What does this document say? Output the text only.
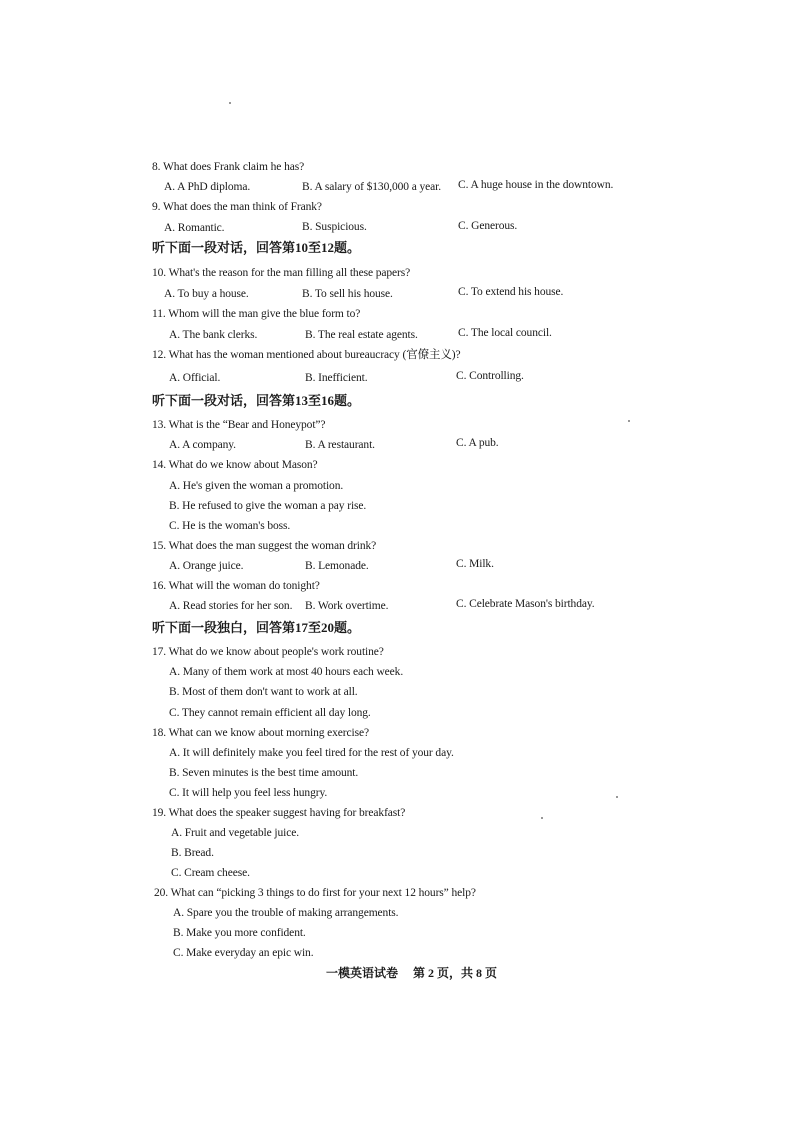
8. What does Frank claim he has?
A. A PhD diploma.	B. A salary of $130,000 a year. C. A huge house in the downtown.
9. What does the man think of Frank?
A. Romantic.	B. Suspicious.	C. Generous.
听下面一段对话，回答第10至12题。
10. What's the reason for the man filling all these papers?
A. To buy a house.	B. To sell his house.	C. To extend his house.
11. Whom will the man give the blue form to?
A. The bank clerks.	B. The real estate agents.	C. The local council.
12. What has the woman mentioned about bureaucracy (官僚主义)?
A. Official.	B. Inefficient.	C. Controlling.
听下面一段对话，回答第13至16题。
13. What is the “Bear and Honeypot”?
A. A company.	B. A restaurant.	C. A pub.
14. What do we know about Mason?
A. He's given the woman a promotion.
B. He refused to give the woman a pay rise.
C. He is the woman's boss.
15. What does the man suggest the woman drink?
A. Orange juice.	B. Lemonade.	C. Milk.
16. What will the woman do tonight?
A. Read stories for her son. B. Work overtime.	C. Celebrate Mason's birthday.
听下面一段独白，回答第17至20题。
17. What do we know about people's work routine?
A. Many of them work at most 40 hours each week.
B. Most of them don't want to work at all.
C. They cannot remain efficient all day long.
18. What can we know about morning exercise?
A. It will definitely make you feel tired for the rest of your day.
B. Seven minutes is the best time amount.
C. It will help you feel less hungry.
19. What does the speaker suggest having for breakfast?
A. Fruit and vegetable juice.
B. Bread.
C. Cream cheese.
20. What can “picking 3 things to do first for your next 12 hours” help?
A. Spare you the trouble of making arrangements.
B. Make you more confident.
C. Make everyday an epic win.
一模英语试卷 第 2 页，共 8 页
